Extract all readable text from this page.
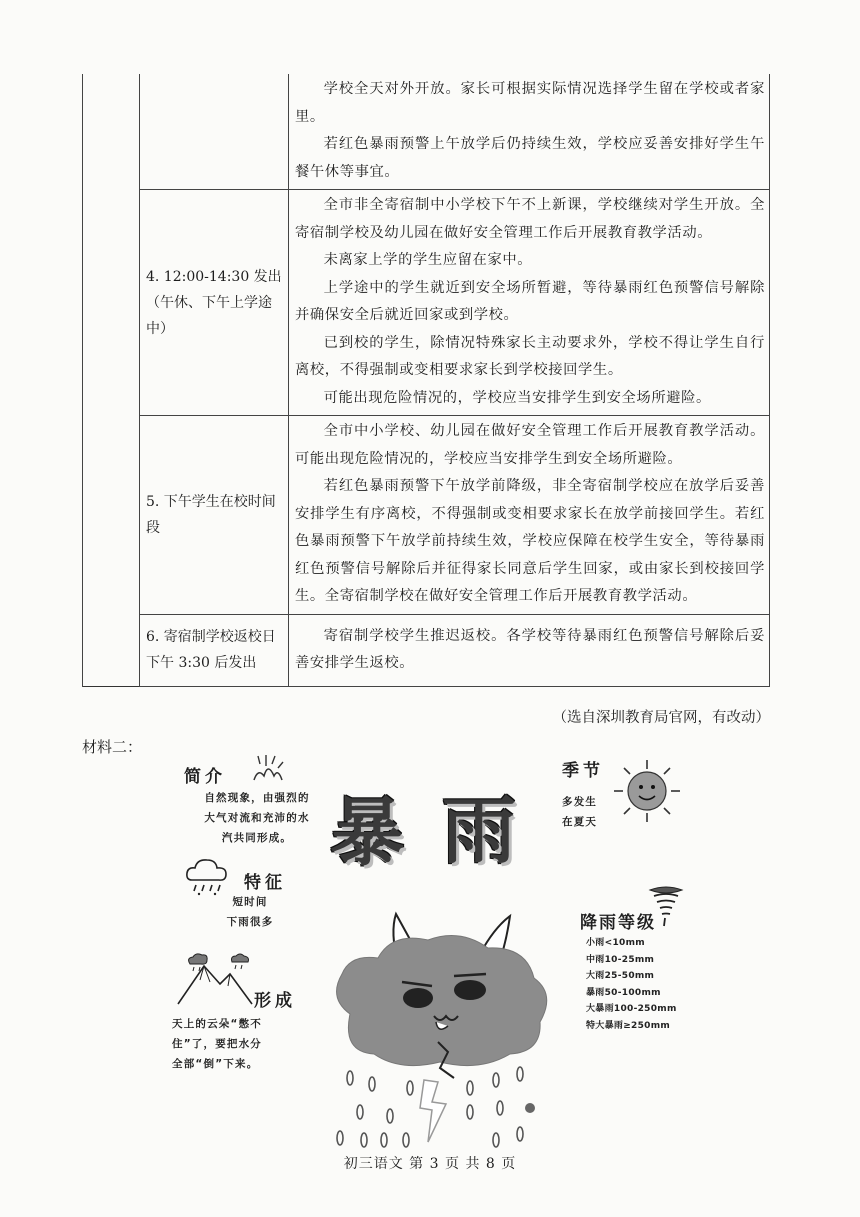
		学校全天对外开放。家长可根据实际情况选择学生留在学校或者家里。

若红色暴雨预警上午放学后仍持续生效，学校应妥善安排好学生午餐午休等事宜。

	4. 12:00-14:30 发出（午休、下午上学途中）	全市非全寄宿制中小学校下午不上新课，学校继续对学生开放。全寄宿制学校及幼儿园在做好安全管理工作后开展教育教学活动。

未离家上学的学生应留在家中。

上学途中的学生就近到安全场所暂避，等待暴雨红色预警信号解除并确保安全后就近回家或到学校。

已到校的学生，除情况特殊家长主动要求外，学校不得让学生自行离校，不得强制或变相要求家长到学校接回学生。

可能出现危险情况的，学校应当安排学生到安全场所避险。

	5. 下午学生在校时间段	全市中小学校、幼儿园在做好安全管理工作后开展教育教学活动。可能出现危险情况的，学校应当安排学生到安全场所避险。

若红色暴雨预警下午放学前降级，非全寄宿制学校应在放学后妥善安排学生有序离校，不得强制或变相要求家长在放学前接回学生。若红色暴雨预警下午放学前持续生效，学校应保障在校学生安全，等待暴雨红色预警信号解除后并征得家长同意后学生回家，或由家长到校接回学生。全寄宿制学校在做好安全管理工作后开展教育教学活动。

	6. 寄宿制学校返校日下午 3:30 后发出	寄宿制学校学生推迟返校。各学校等待暴雨红色预警信号解除后妥善安排学生返校。

（选自深圳教育局官网，有改动）
材料二：
简介
自然现象，由强烈的
大气对流和充沛的水
汽共同形成。
特征
短时间
下雨很多
形成
天上的云朵“憋不
住”了，要把水分
全部“倒”下来。
暴 雨
季节
多发生
在夏天
降雨等级
小雨<10mm
中雨10-25mm
大雨25-50mm
暴雨50-100mm
大暴雨100-250mm
特大暴雨≥250mm
初三语文 第 3 页 共 8 页
